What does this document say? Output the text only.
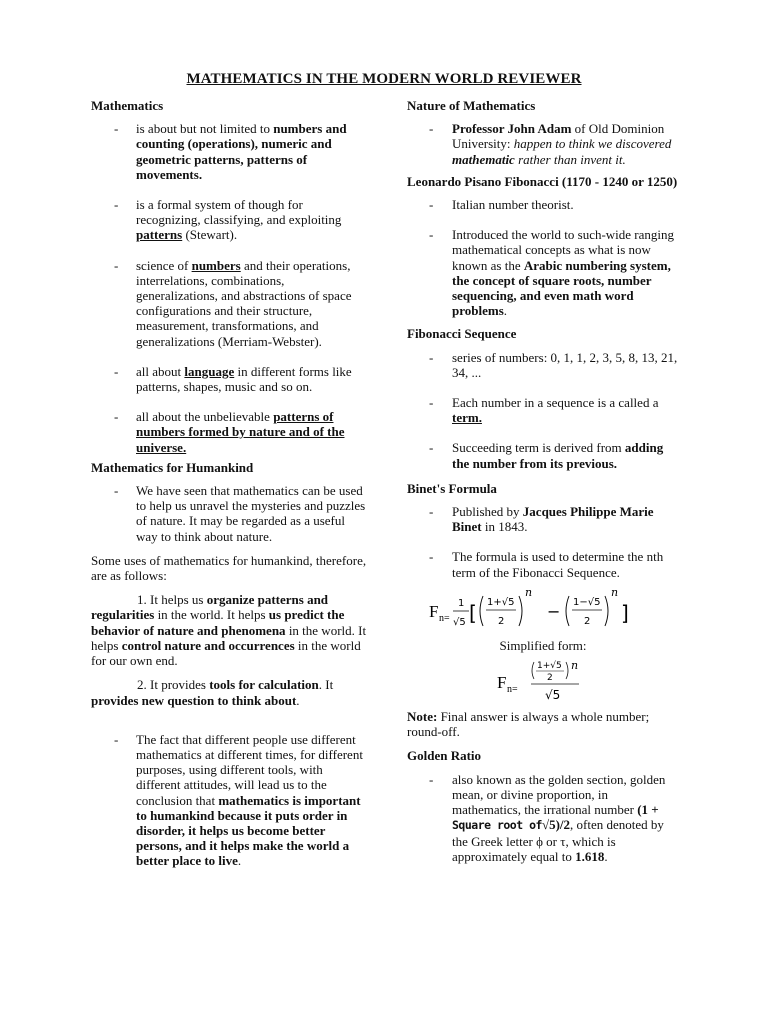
MATHEMATICS IN THE MODERN WORLD REVIEWER

Mathematics

- is about but not limited to numbers and counting (operations), numeric and geometric patterns, patterns of movements.
- is a formal system of though for recognizing, classifying, and exploiting patterns (Stewart).
- science of numbers and their operations, interrelations, combinations, generalizations, and abstractions of space configurations and their structure, measurement, transformations, and generalizations (Merriam-Webster).
- all about language in different forms like patterns, shapes, music and so on.
- all about the unbelievable patterns of numbers formed by nature and of the universe.

Mathematics for Humankind

- We have seen that mathematics can be used to help us unravel the mysteries and puzzles of nature. It may be regarded as a useful way to think about nature.

Some uses of mathematics for humankind, therefore, are as follows:

1. It helps us organize patterns and regularities in the world. It helps us predict the behavior of nature and phenomena in the world. It helps control nature and occurrences in the world for our own end.

2. It provides tools for calculation. It provides new question to think about.

- The fact that different people use different mathematics at different times, for different purposes, using different tools, with different attitudes, will lead us to the conclusion that mathematics is important to humankind because it puts order in disorder, it helps us become better persons, and it helps make the world a better place to live.

Nature of Mathematics

- Professor John Adam of Old Dominion University: happen to think we discovered mathematic rather than invent it.

Leonardo Pisano Fibonacci (1170 - 1240 or 1250)

- Italian number theorist.
- Introduced the world to such-wide ranging mathematical concepts as what is now known as the Arabic numbering system, the concept of square roots, number sequencing, and even math word problems.

Fibonacci Sequence

- series of numbers: 0, 1, 1, 2, 3, 5, 8, 13, 21, 34, ...
- Each number in a sequence is a called a term.
- Succeeding term is derived from adding the number from its previous.

Binet's Formula

- Published by Jacques Philippe Marie Binet in 1843.
- The formula is used to determine the nth term of the Fibonacci Sequence.
F n =
1
√5 [ 1+√5
2
n
− 1−√5
2
n
]

Simplified form:

F n =
1+√5
2
n
√5

Note: Final answer is always a whole number; round-off.

Golden Ratio

- also known as the golden section, golden mean, or divine proportion, in mathematics, the irrational number (1 + Square root of√5)/2, often denoted by the Greek letter ϕ or τ, which is approximately equal to 1.618.
